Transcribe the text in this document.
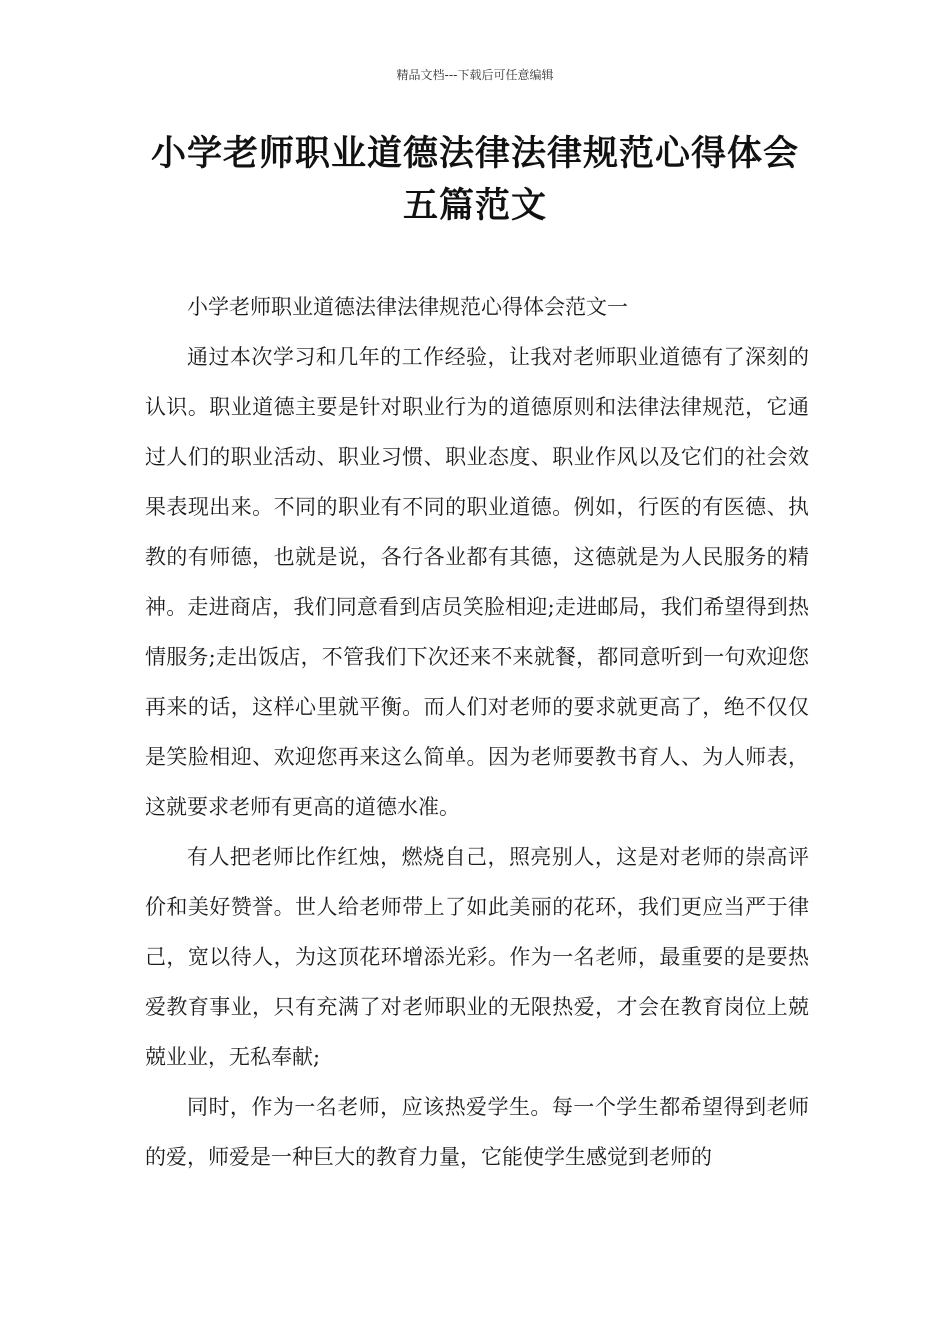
精品文档---下载后可任意编辑
小学老师职业道德法律法律规范心得体会五篇范文

小学老师职业道德法律法律规范心得体会范文一

通过本次学习和几年的工作经验，让我对老师职业道德有了深刻的认识。职业道德主要是针对职业行为的道德原则和法律法律规范，它通过人们的职业活动、职业习惯、职业态度、职业作风以及它们的社会效果表现出来。不同的职业有不同的职业道德。例如，行医的有医德、执教的有师德，也就是说，各行各业都有其德，这德就是为人民服务的精神。走进商店，我们同意看到店员笑脸相迎;走进邮局，我们希望得到热情服务;走出饭店，不管我们下次还来不来就餐，都同意听到一句欢迎您再来的话，这样心里就平衡。而人们对老师的要求就更高了，绝不仅仅是笑脸相迎、欢迎您再来这么简单。因为老师要教书育人、为人师表，这就要求老师有更高的道德水准。

有人把老师比作红烛，燃烧自己，照亮别人，这是对老师的崇高评价和美好赞誉。世人给老师带上了如此美丽的花环，我们更应当严于律己，宽以待人，为这顶花环增添光彩。作为一名老师，最重要的是要热爱教育事业，只有充满了对老师职业的无限热爱，才会在教育岗位上兢兢业业，无私奉献;

同时，作为一名老师，应该热爱学生。每一个学生都希望得到老师的爱，师爱是一种巨大的教育力量，它能使学生感觉到老师的
